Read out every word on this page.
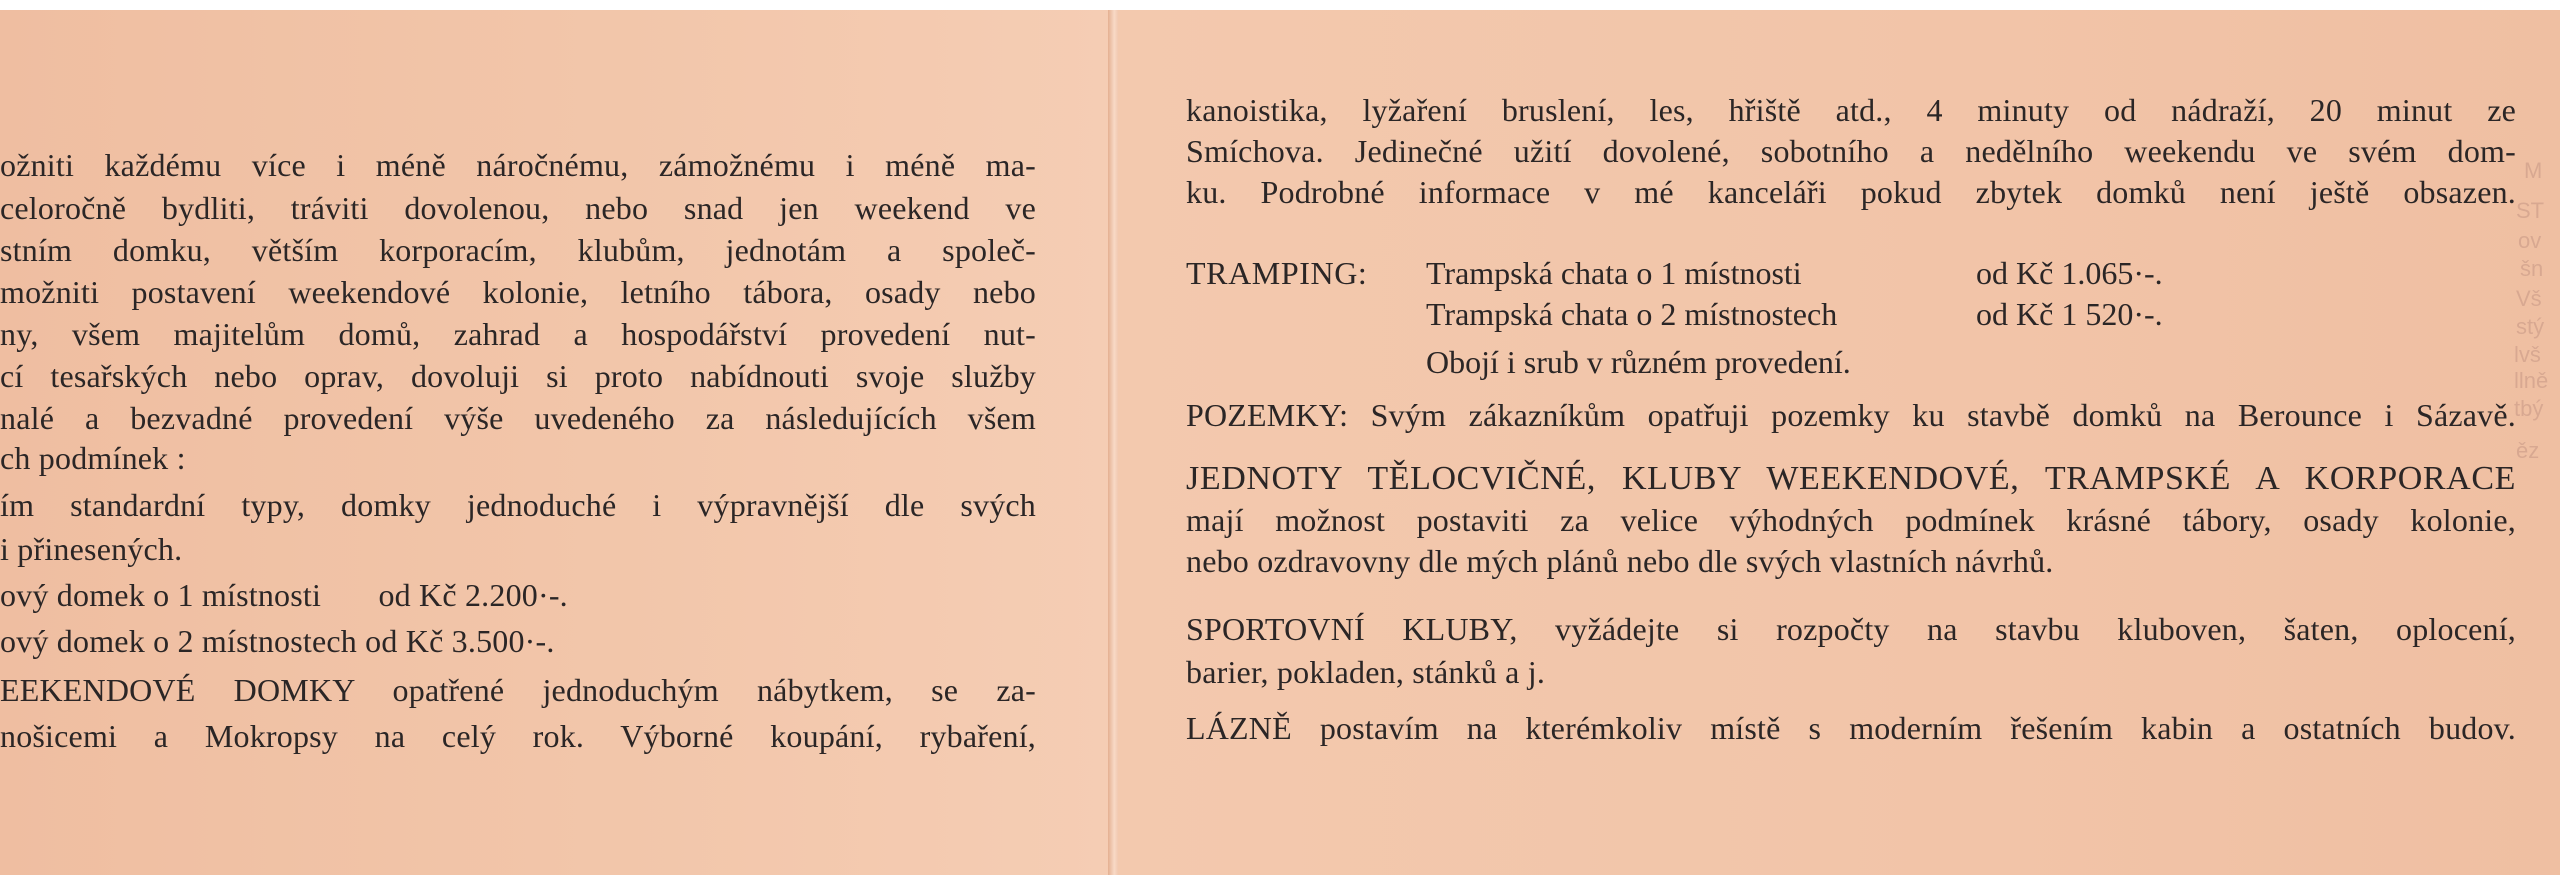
ožniti každému více i méně náročnému, zámožnému i méně ma-
celoročně bydliti, tráviti dovolenou, nebo snad jen weekend ve
stním domku, větším korporacím, klubům, jednotám a společ-
možniti postavení weekendové kolonie, letního tábora, osady nebo
ny, všem majitelům domů, zahrad a hospodářství provedení nut-
cí tesařských nebo oprav, dovoluji si proto nabídnouti svoje služby
nalé a bezvadné provedení výše uvedeného za následujících všem
ch podmínek :
ím standardní typy, domky jednoduché i výpravnější dle svých
i přinesených.
ový domek o 1 místnosti       od Kč 2.200·-.
ový domek o 2 místnostech od Kč 3.500·-.
EEKENDOVÉ DOMKY opatřené jednoduchým nábytkem, se za-
nošicemi a Mokropsy na celý rok. Výborné koupání, rybaření,
M
ST
ov
šn
Vš
stý
lvš
llně
tbý
ěz
kanoistika, lyžaření bruslení, les, hřiště atd., 4 minuty od nádraží, 20 minut ze
Smíchova. Jedinečné užití dovolené, sobotního a nedělního weekendu ve svém dom-
ku. Podrobné informace v mé kanceláři pokud zbytek domků není ještě obsazen.
TRAMPING: Trampská chata o 1 místnosti	od Kč 1.065·-.
Trampská chata o 2 místnostech	od Kč 1 520·-.
Obojí i srub v různém provedení.
POZEMKY: Svým zákazníkům opatřuji pozemky ku stavbě domků na Berounce i Sázavě.
JEDNOTY TĚLOCVIČNÉ, KLUBY WEEKENDOVÉ, TRAMPSKÉ A KORPORACE
mají možnost postaviti za velice výhodných podmínek krásné tábory, osady kolonie,
nebo ozdravovny dle mých plánů nebo dle svých vlastních návrhů.
SPORTOVNÍ KLUBY, vyžádejte si rozpočty na stavbu kluboven, šaten, oplocení,
barier, pokladen, stánků a j.
LÁZNĚ postavím na kterémkoliv místě s moderním řešením kabin a ostatních budov.
